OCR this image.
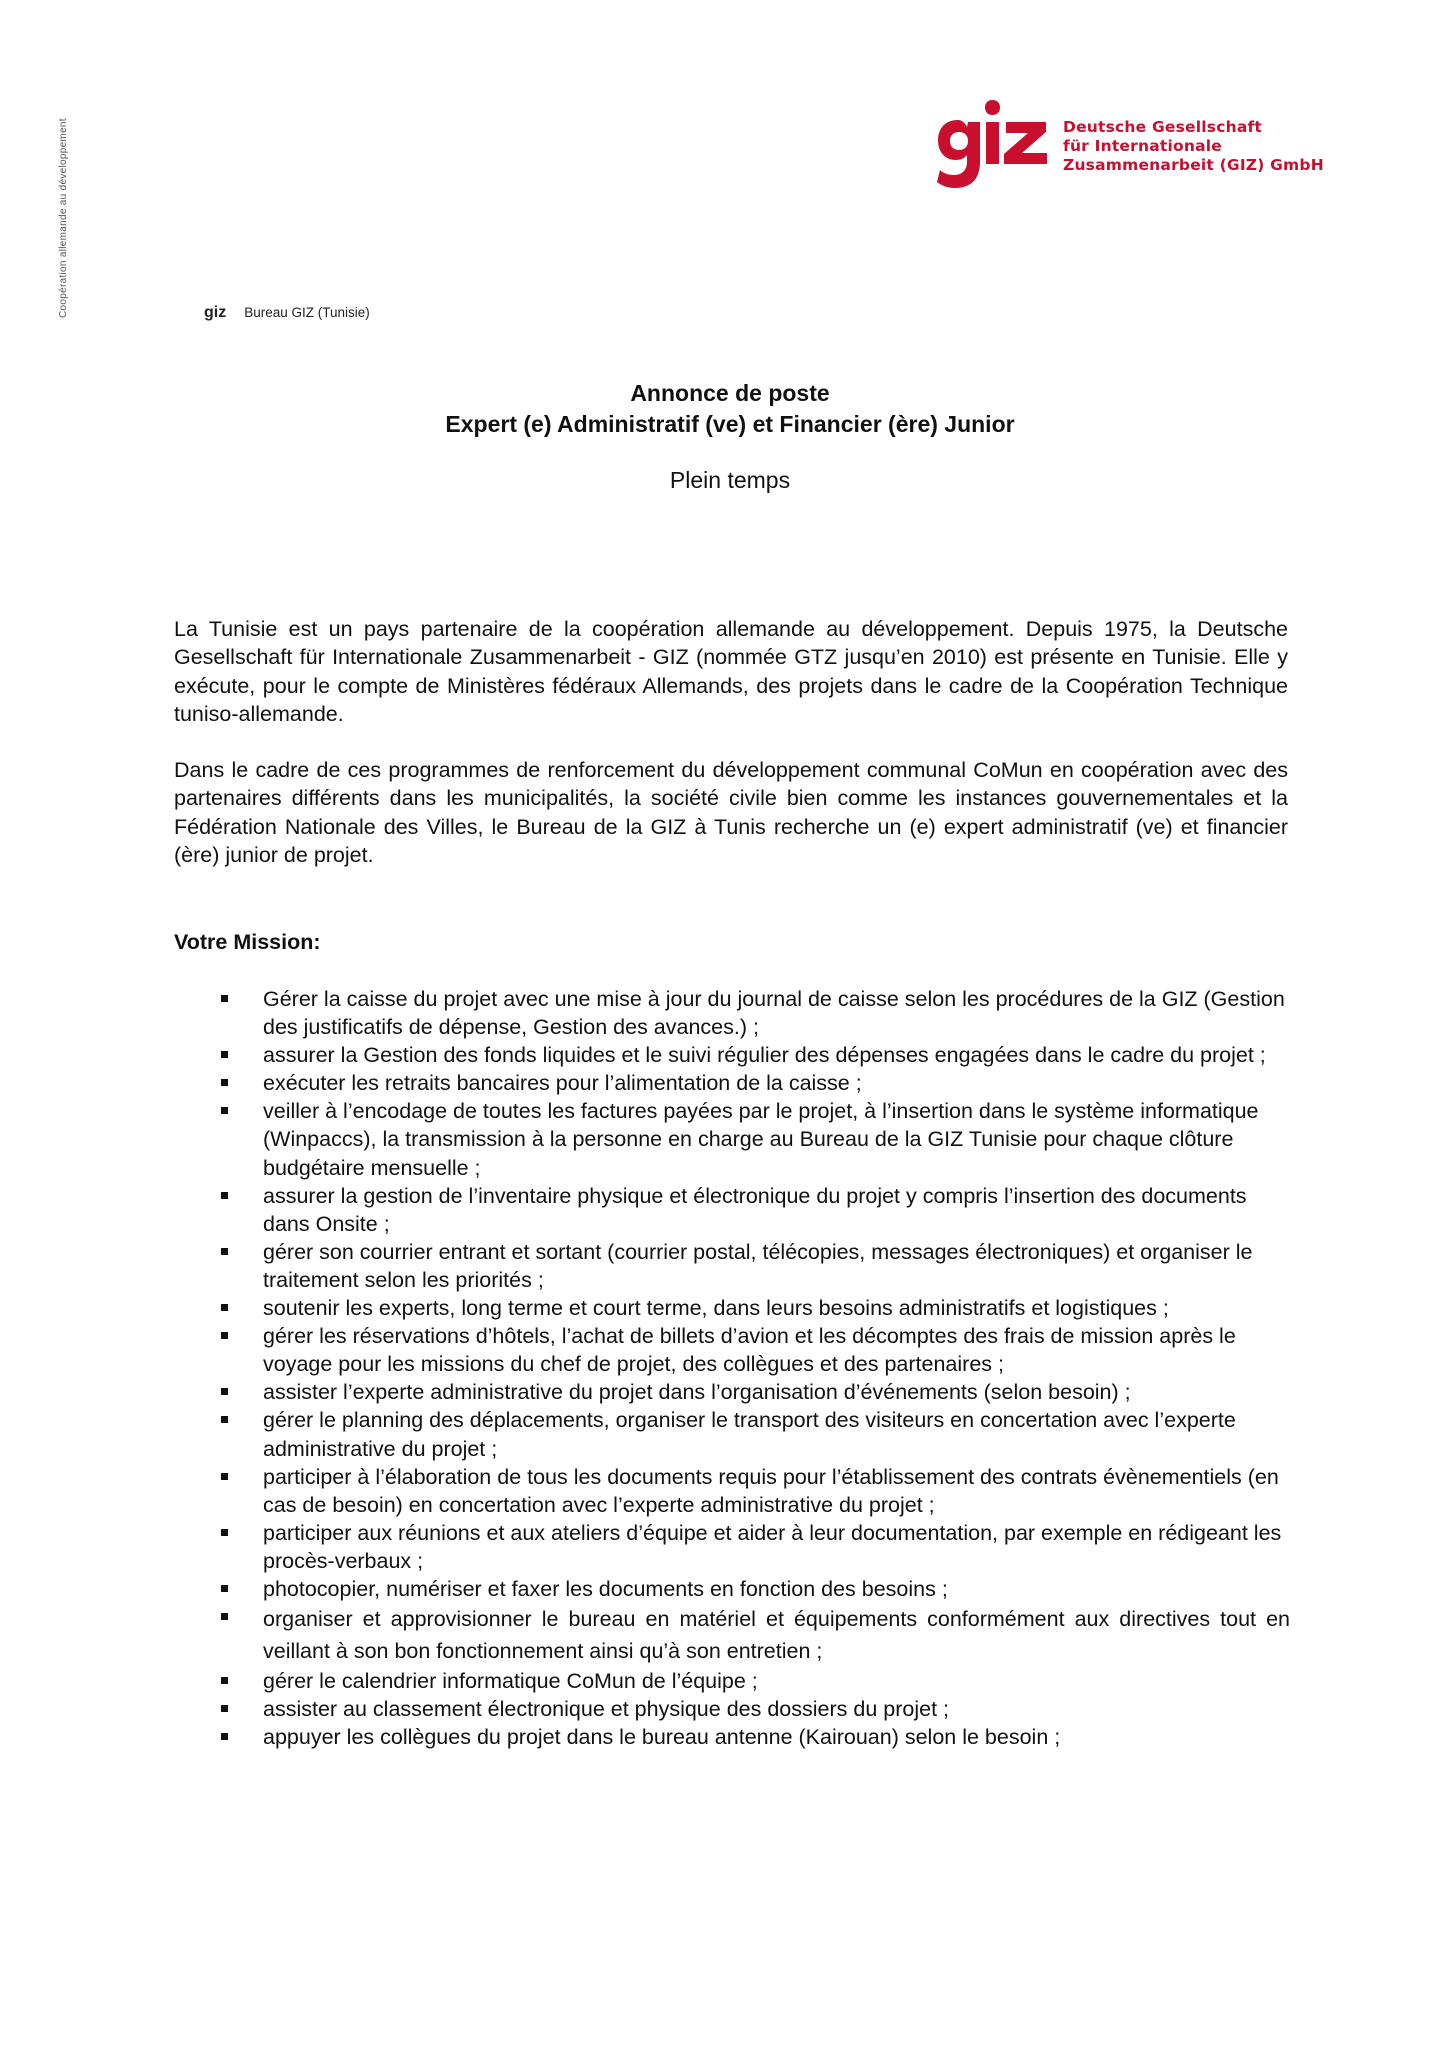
Coopération allemande au développement	Deutsche Gesellschaft
für Internationale
Zusammenarbeit (GIZ) GmbH
giz Bureau GIZ (Tunisie)
Annonce de poste
Expert (e) Administratif (ve) et Financier (ère) Junior
Plein temps

La Tunisie est un pays partenaire de la coopération allemande au développement. Depuis 1975, la Deutsche Gesellschaft für Internationale Zusammenarbeit - GIZ (nommée GTZ jusqu’en 2010) est présente en Tunisie. Elle y exécute, pour le compte de Ministères fédéraux Allemands, des projets dans le cadre de la Coopération Technique tuniso-allemande.

Dans le cadre de ces programmes de renforcement du développement communal CoMun en coopération avec des partenaires différents dans les municipalités, la société civile bien comme les instances gouvernementales et la Fédération Nationale des Villes, le Bureau de la GIZ à Tunis recherche un (e) expert administratif (ve) et financier (ère) junior de projet.

Votre Mission:
Gérer la caisse du projet avec une mise à jour du journal de caisse selon les procédures de la GIZ (Gestion des justificatifs de dépense, Gestion des avances.) ;
assurer la Gestion des fonds liquides et le suivi régulier des dépenses engagées dans le cadre du projet ;
exécuter les retraits bancaires pour l’alimentation de la caisse ;
veiller à l’encodage de toutes les factures payées par le projet, à l’insertion dans le système informatique (Winpaccs), la transmission à la personne en charge au Bureau de la GIZ Tunisie pour chaque clôture budgétaire mensuelle ;
assurer la gestion de l’inventaire physique et électronique du projet y compris l’insertion des documents dans Onsite ;
gérer son courrier entrant et sortant (courrier postal, télécopies, messages électroniques) et organiser le traitement selon les priorités ;
soutenir les experts, long terme et court terme, dans leurs besoins administratifs et logistiques ;
gérer les réservations d’hôtels, l’achat de billets d’avion et les décomptes des frais de mission après le voyage pour les missions du chef de projet, des collègues et des partenaires ;
assister l’experte administrative du projet dans l’organisation d’événements (selon besoin) ;
gérer le planning des déplacements, organiser le transport des visiteurs en concertation avec l’experte administrative du projet ;
participer à l’élaboration de tous les documents requis pour l’établissement des contrats évènementiels (en cas de besoin) en concertation avec l’experte administrative du projet ;
participer aux réunions et aux ateliers d’équipe et aider à leur documentation, par exemple en rédigeant les procès-verbaux ;
photocopier, numériser et faxer les documents en fonction des besoins ;
organiser et approvisionner le bureau en matériel et équipements conformément aux directives tout en veillant à son bon fonctionnement ainsi qu’à son entretien ;
gérer le calendrier informatique CoMun de l’équipe ;
assister au classement électronique et physique des dossiers du projet ;
appuyer les collègues du projet dans le bureau antenne (Kairouan) selon le besoin ;
